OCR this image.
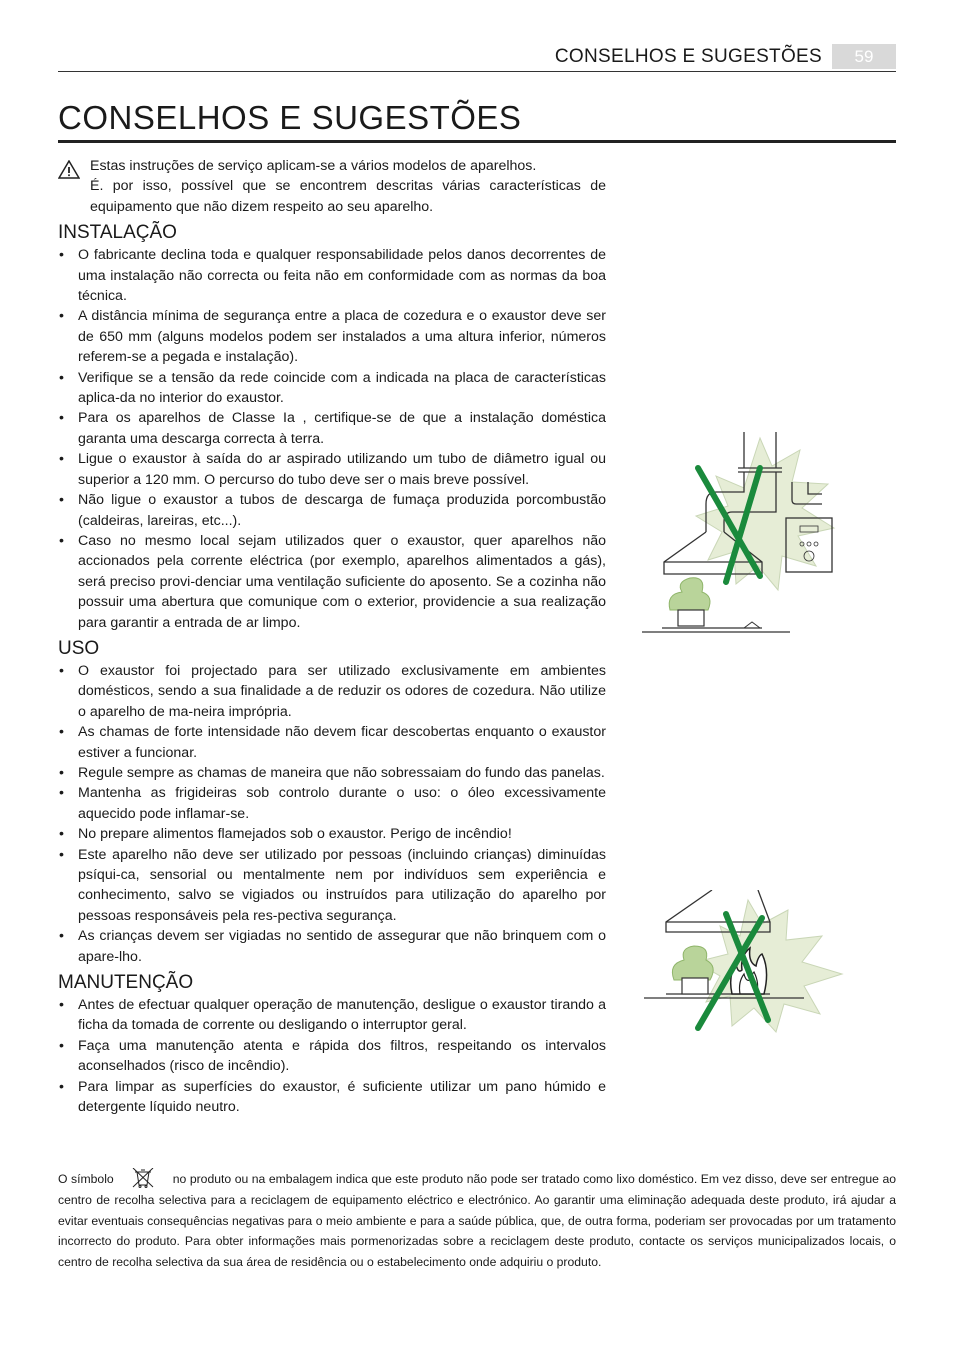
CONSELHOS E SUGESTÕES	59
CONSELHOS E SUGESTÕES
Estas instruções de serviço aplicam-se a vários modelos de aparelhos.
É. por isso, possível que se encontrem descritas várias características de equipamento que não dizem respeito ao seu aparelho.
INSTALAÇÃO
• O fabricante declina toda e qualquer responsabilidade pelos danos decorrentes de uma instalação não correcta ou feita não em conformidade com as normas da boa técnica.
• A distância mínima de segurança entre a placa de cozedura e o exaustor deve ser de 650 mm (alguns modelos podem ser instalados a uma altura inferior, números referem-se a pegada e instalação).
• Verifique se a tensão da rede coincide com a indicada na placa de características aplica-da no interior do exaustor.
• Para os aparelhos de Classe Ia , certifique-se de que a instalação doméstica garanta uma descarga correcta à terra.
• Ligue o exaustor à saída do ar aspirado utilizando um tubo de diâmetro igual ou superior a 120 mm. O percurso do tubo deve ser o mais breve possível.
• Não ligue o exaustor a tubos de descarga de fumaça produzida porcombustão (caldeiras, lareiras, etc...).
• Caso no mesmo local sejam utilizados quer o exaustor, quer aparelhos não accionados pela corrente eléctrica (por exemplo, aparelhos alimentados a gás), será preciso provi-denciar uma ventilação suficiente do aposento. Se a cozinha não possuir uma abertura que comunique com o exterior, providencie a sua realização para garantir a entrada de ar limpo.
USO
• O exaustor foi projectado para ser utilizado exclusivamente em ambientes domésticos, sendo a sua finalidade a de reduzir os odores de cozedura. Não utilize o aparelho de ma-neira imprópria.
• As chamas de forte intensidade não devem ficar descobertas enquanto o exaustor estiver a funcionar.
• Regule sempre as chamas de maneira que não sobressaiam do fundo das panelas.
• Mantenha as frigideiras sob controlo durante o uso: o óleo excessivamente aquecido pode inflamar-se.
• No prepare alimentos flamejados sob o exaustor. Perigo de incêndio!
• Este aparelho não deve ser utilizado por pessoas (incluindo crianças) diminuídas psíqui-ca, sensorial ou mentalmente nem por indivíduos sem experiência e conhecimento, salvo se vigiados ou instruídos para utilização do aparelho por pessoas responsáveis pela res-pectiva segurança.
• As crianças devem ser vigiadas no sentido de assegurar que não brinquem com o apare-lho.
MANUTENÇÃO
• Antes de efectuar qualquer operação de manutenção, desligue o exaustor tirando a ficha da tomada de corrente ou desligando o interruptor geral.
• Faça uma manutenção atenta e rápida dos filtros, respeitando os intervalos aconselhados (risco de incêndio).
• Para limpar as superfícies do exaustor, é suficiente utilizar um pano húmido e detergente líquido neutro.
O símbolo	no produto ou na embalagem indica que este produto não pode ser tratado como lixo doméstico. Em vez disso, deve ser entregue ao centro de recolha selectiva para a reciclagem de equipamento eléctrico e electrónico. Ao garantir uma eliminação adequada deste produto, irá ajudar a evitar eventuais consequências negativas para o meio ambiente e para a saúde pública, que, de outra forma, poderiam ser provocadas por um tratamento incorrecto do produto. Para obter informações mais pormenorizadas sobre a reciclagem deste produto, contacte os serviços municipalizados locais, o centro de recolha selectiva da sua área de residência ou o estabelecimento onde adquiriu o produto.
